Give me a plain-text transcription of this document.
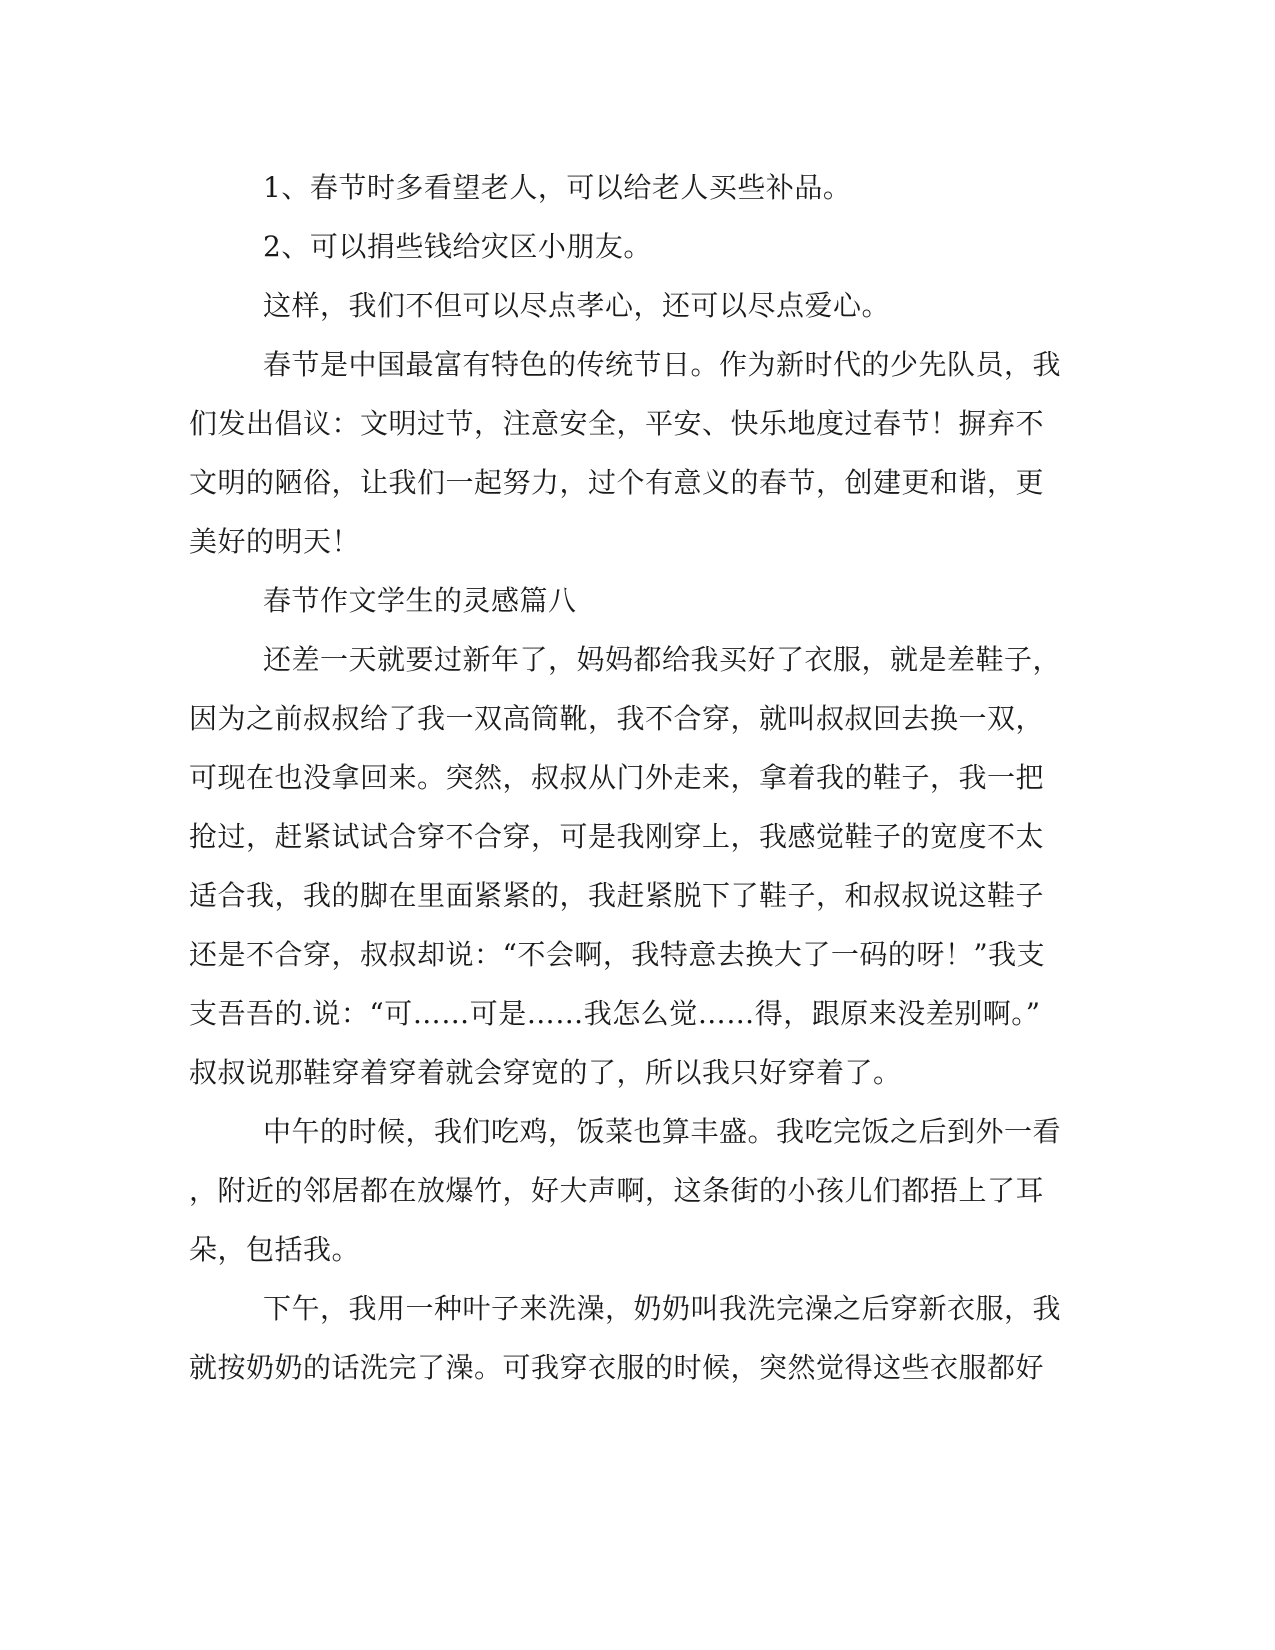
1、春节时多看望老人，可以给老人买些补品。
2、可以捐些钱给灾区小朋友。
这样，我们不但可以尽点孝心，还可以尽点爱心。
春节是中国最富有特色的传统节日。作为新时代的少先队员，我
们发出倡议：文明过节，注意安全，平安、快乐地度过春节！摒弃不
文明的陋俗，让我们一起努力，过个有意义的春节，创建更和谐，更
美好的明天！
春节作文学生的灵感篇八
还差一天就要过新年了，妈妈都给我买好了衣服，就是差鞋子，
因为之前叔叔给了我一双高筒靴，我不合穿，就叫叔叔回去换一双，
可现在也没拿回来。突然，叔叔从门外走来，拿着我的鞋子，我一把
抢过，赶紧试试合穿不合穿，可是我刚穿上，我感觉鞋子的宽度不太
适合我，我的脚在里面紧紧的，我赶紧脱下了鞋子，和叔叔说这鞋子
还是不合穿，叔叔却说：“不会啊，我特意去换大了一码的呀！”我支
支吾吾的.说：“可……可是……我怎么觉……得，跟原来没差别啊。”
叔叔说那鞋穿着穿着就会穿宽的了，所以我只好穿着了。
中午的时候，我们吃鸡，饭菜也算丰盛。我吃完饭之后到外一看
，附近的邻居都在放爆竹，好大声啊，这条街的小孩儿们都捂上了耳
朵，包括我。
下午，我用一种叶子来洗澡，奶奶叫我洗完澡之后穿新衣服，我
就按奶奶的话洗完了澡。可我穿衣服的时候，突然觉得这些衣服都好
